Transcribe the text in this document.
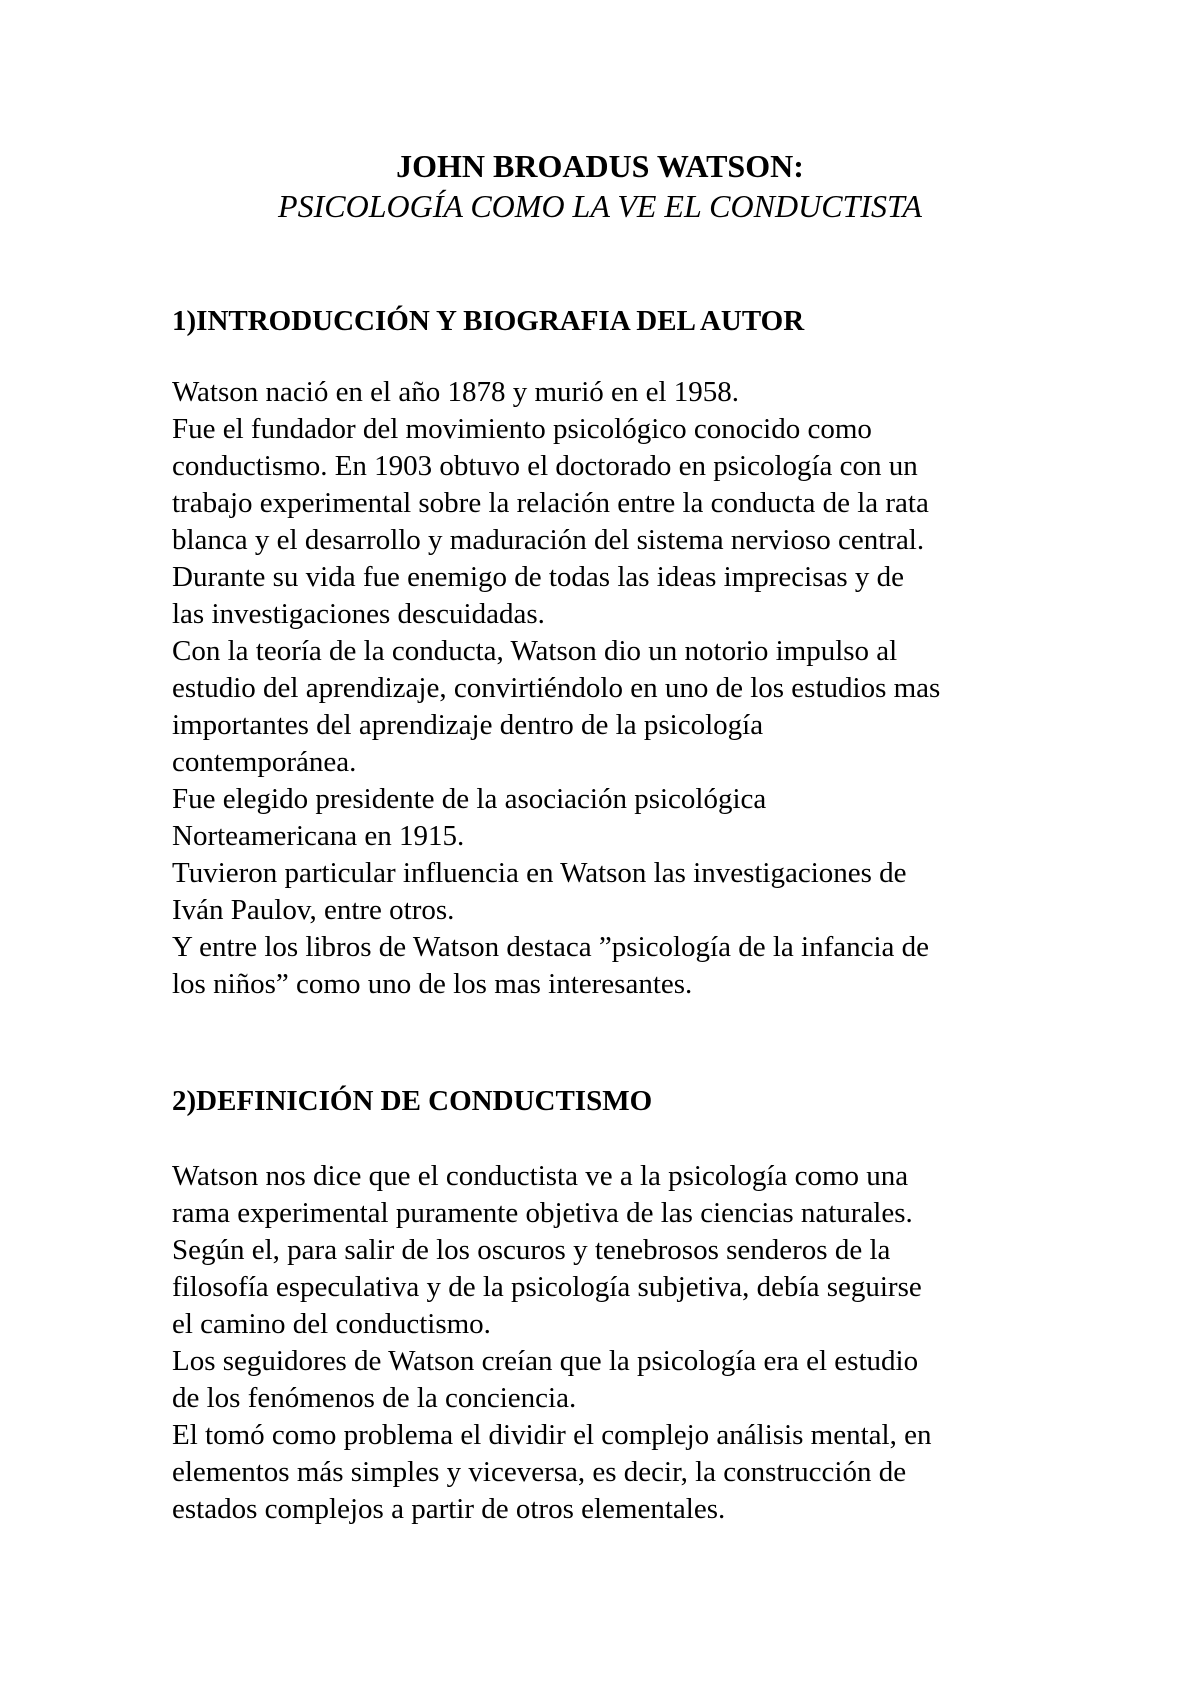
JOHN BROADUS WATSON:
PSICOLOGÍA COMO LA VE EL CONDUCTISTA
1)INTRODUCCIÓN Y BIOGRAFIA DEL AUTOR
Watson nació en el año 1878 y murió en el 1958.
Fue el fundador del movimiento psicológico conocido como
conductismo. En 1903 obtuvo el doctorado en psicología con un
trabajo experimental sobre la relación entre la conducta de la rata
blanca y el desarrollo y maduración del sistema nervioso central.
Durante su vida fue enemigo de todas las ideas imprecisas y de
las investigaciones descuidadas.
Con la teoría de la conducta, Watson dio un notorio impulso al
estudio del aprendizaje, convirtiéndolo en uno de los estudios mas
importantes del aprendizaje dentro de la psicología
contemporánea.
Fue elegido presidente de la asociación psicológica
Norteamericana en 1915.
Tuvieron particular influencia en Watson las investigaciones de
Iván Paulov, entre otros.
Y entre los libros de Watson destaca ”psicología de la infancia de
los niños” como uno de los mas interesantes.
2)DEFINICIÓN DE CONDUCTISMO
Watson nos dice que el conductista ve a la psicología como una
rama experimental puramente objetiva de las ciencias naturales.
Según el, para salir de los oscuros y tenebrosos senderos de la
filosofía especulativa y de la psicología subjetiva, debía seguirse
el camino del conductismo.
Los seguidores de Watson creían que la psicología era el estudio
de los fenómenos de la conciencia.
El tomó como problema el dividir el complejo análisis mental, en
elementos más simples y viceversa, es decir, la construcción de
estados complejos a partir de otros elementales.
